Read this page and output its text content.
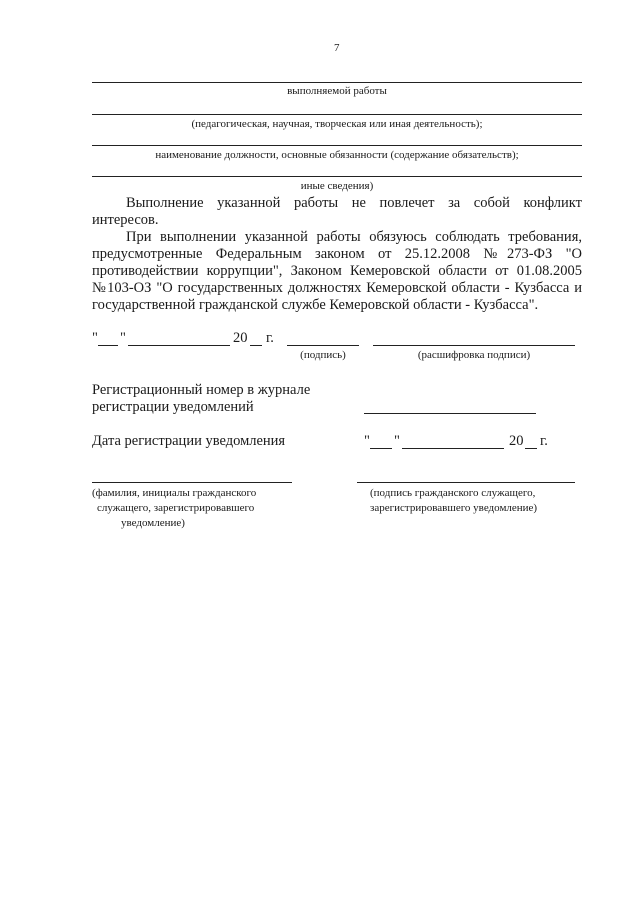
7
выполняемой работы
(педагогическая, научная, творческая или иная деятельность);
наименование должности, основные обязанности (содержание обязательств);
иные сведения)
Выполнение указанной работы не повлечет за собой конфликт
интересов.
При выполнении указанной работы обязуюсь соблюдать требования,
предусмотренные Федеральным законом от 25.12.2008 №273-ФЗ "О
противодействии коррупции", Законом Кемеровской области от 01.08.2005
№103-ОЗ "О государственных должностях Кемеровской области - Кузбасса и
государственной гражданской службе Кемеровской области - Кузбасса".
" "	20 г.
(подпись)	(расшифровка подписи)
Регистрационный номер в журнале
регистрации уведомлений
Дата регистрации уведомления	" "	20 г.
(фамилия, инициалы гражданского
служащего, зарегистрировавшего
уведомление)
(подпись гражданского служащего,
зарегистрировавшего уведомление)
